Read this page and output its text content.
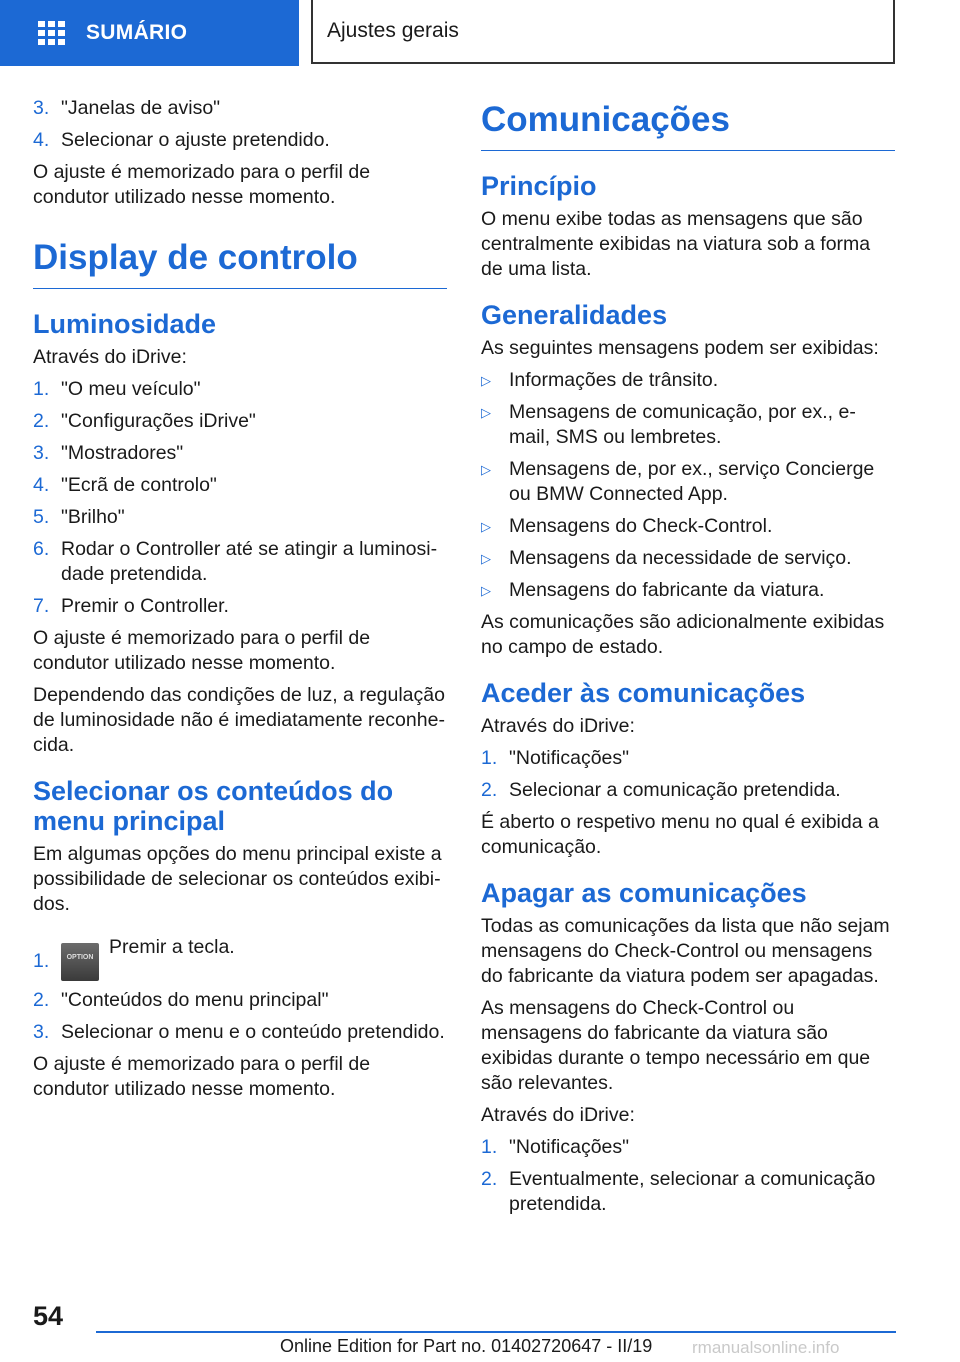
SUMÁRIO	Ajustes gerais
3. "Janelas de aviso"
4. Selecionar o ajuste pretendido.

O ajuste é memorizado para o perfil de condutor utilizado nesse momento.

Display de controlo
Luminosidade

Através do iDrive:

1. "O meu veículo"
2. "Configurações iDrive"
3. "Mostradores"
4. "Ecrã de controlo"
5. "Brilho"
6. Rodar o Controller até se atingir a luminosidade pretendida.
7. Premir o Controller.

O ajuste é memorizado para o perfil de condutor utilizado nesse momento.

Dependendo das condições de luz, a regulação de luminosidade não é imediatamente reconhecida.

Selecionar os conteúdos do menu principal

Em algumas opções do menu principal existe a possibilidade de selecionar os conteúdos exibidos.

1.	OPTION Premir a tecla.
2. "Conteúdos do menu principal"
3. Selecionar o menu e o conteúdo pretendido.

O ajuste é memorizado para o perfil de condutor utilizado nesse momento.

Comunicações
Princípio

O menu exibe todas as mensagens que são centralmente exibidas na viatura sob a forma de uma lista.

Generalidades

As seguintes mensagens podem ser exibidas:

▷ Informações de trânsito.
▷ Mensagens de comunicação, por ex., e-mail, SMS ou lembretes.
▷ Mensagens de, por ex., serviço Concierge ou BMW Connected App.
▷ Mensagens do Check-Control.
▷ Mensagens da necessidade de serviço.
▷ Mensagens do fabricante da viatura.

As comunicações são adicionalmente exibidas no campo de estado.

Aceder às comunicações

Através do iDrive:

1. "Notificações"
2. Selecionar a comunicação pretendida.

É aberto o respetivo menu no qual é exibida a comunicação.

Apagar as comunicações

Todas as comunicações da lista que não sejam mensagens do Check-Control ou mensagens do fabricante da viatura podem ser apagadas.

As mensagens do Check-Control ou mensagens do fabricante da viatura são exibidas durante o tempo necessário em que são relevantes.

Através do iDrive:

1. "Notificações"
2. Eventualmente, selecionar a comunicação pretendida.
54
Online Edition for Part no. 01402720647 - II/19 rmanualsonline.info
